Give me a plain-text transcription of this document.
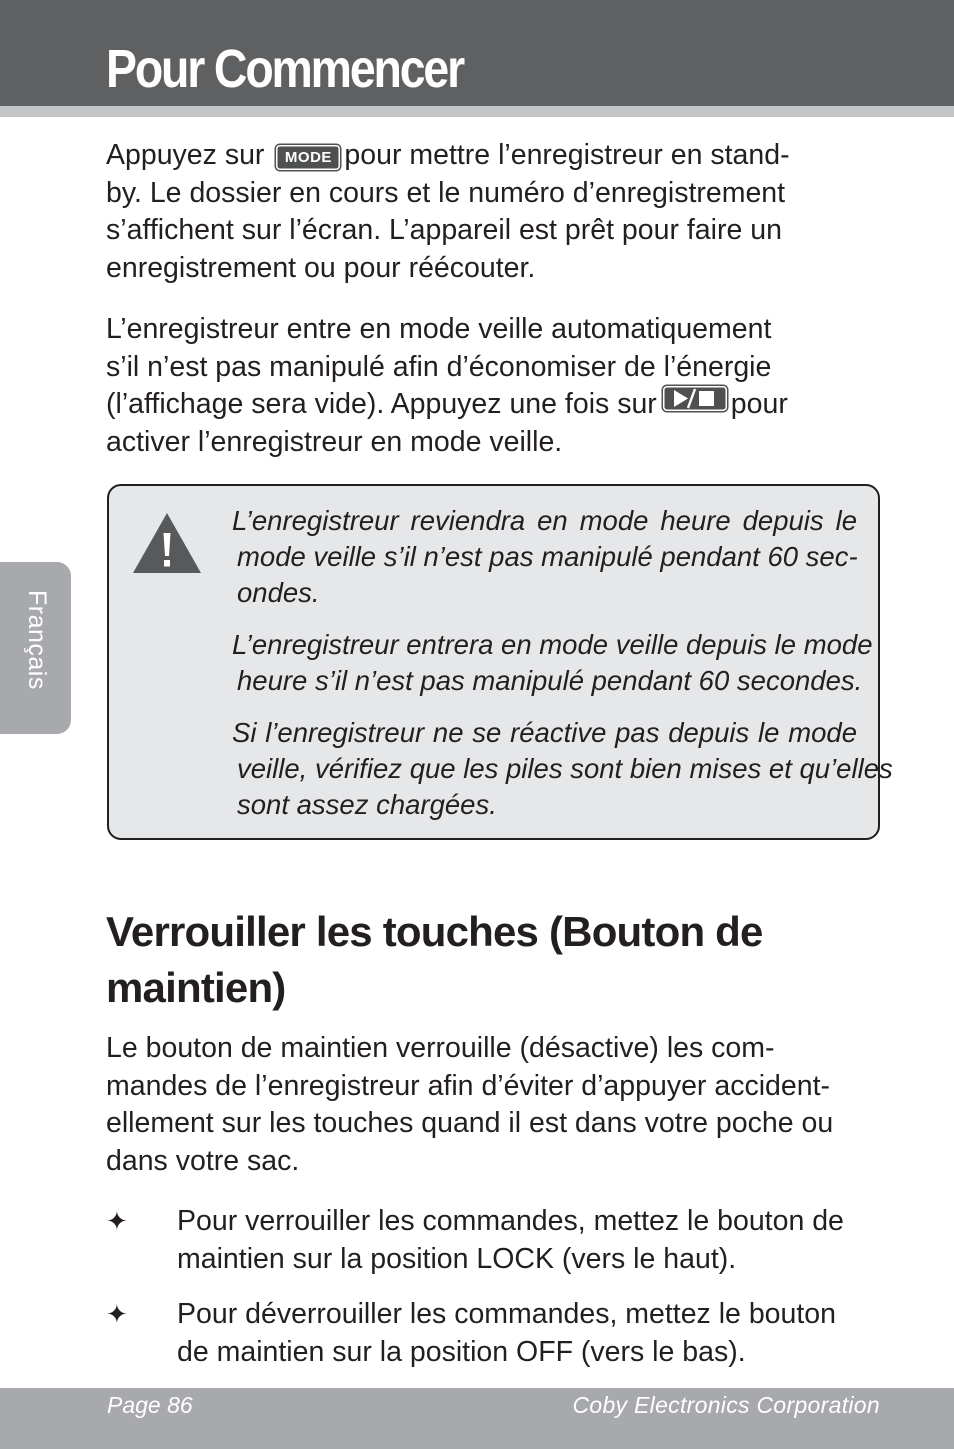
Pour Commencer
Français

Appuyez sur MODE pour mettre l’enregistreur en stand-
by. Le dossier en cours et le numéro d’enregistrement
s’affichent sur l’écran. L’appareil est prêt pour faire un
enregistrement ou pour réécouter.

L’enregistreur entre en mode veille automatiquement
s’il n’est pas manipulé afin d’économiser de l’énergie
(l’affichage sera vide). Appuyez une fois sur	pour
activer l’enregistreur en mode veille.

L’enregistreur reviendra en mode heure depuis le
mode veille s’il n’est pas manipulé pendant 60 sec-
ondes.

L’enregistreur entrera en mode veille depuis le mode
heure s’il n’est pas manipulé pendant 60 secondes.

Si l’enregistreur ne se réactive pas depuis le mode
veille, vérifiez que les piles sont bien mises et qu’elles
sont assez chargées.

Verrouiller les touches (Bouton de
maintien)

Le bouton de maintien verrouille (désactive) les com-
mandes de l’enregistreur afin d’éviter d’appuyer accident-
ellement sur les touches quand il est dans votre poche ou
dans votre sac.

✦ Pour verrouiller les commandes, mettez le bouton de
maintien sur la position LOCK (vers le haut).

✦ Pour déverrouiller les commandes, mettez le bouton
de maintien sur la position OFF (vers le bas).

Page 86	Coby Electronics Corporation
